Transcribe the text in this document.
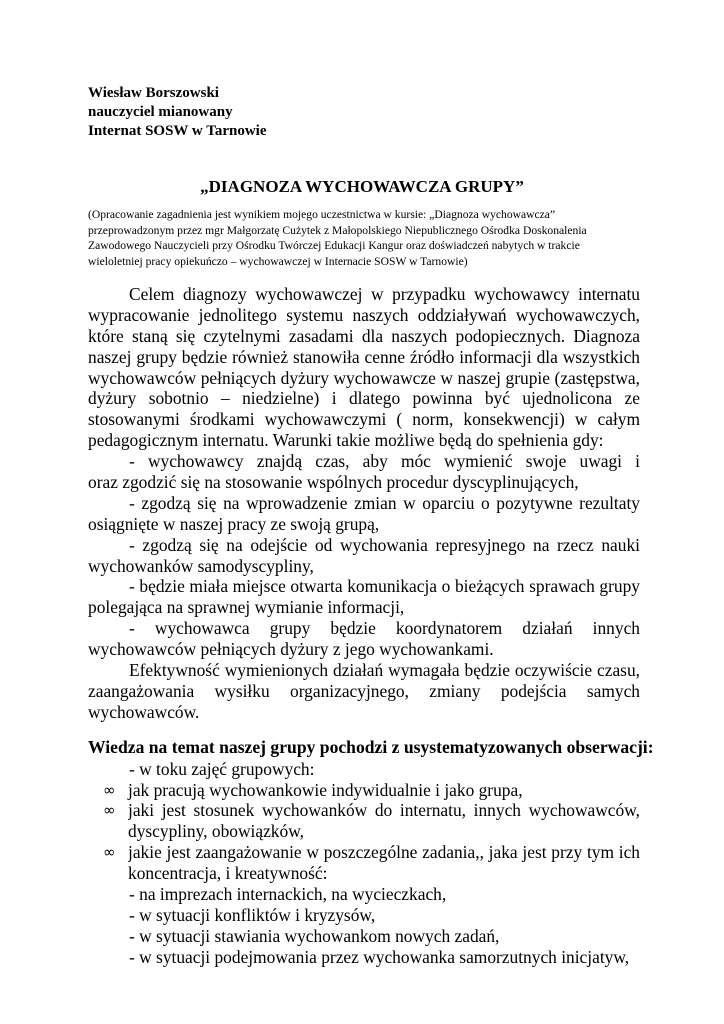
Wiesław Borszowski
nauczyciel mianowany
Internat SOSW w Tarnowie
„DIAGNOZA WYCHOWAWCZA GRUPY”
(Opracowanie zagadnienia jest wynikiem mojego uczestnictwa w kursie: „Diagnoza wychowawcza”
przeprowadzonym przez mgr Małgorzatę Cużytek z Małopolskiego Niepublicznego Ośrodka Doskonalenia
Zawodowego Nauczycieli przy Ośrodku Twórczej Edukacji Kangur oraz doświadczeń nabytych w trakcie
wieloletniej pracy opiekuńczo – wychowawczej w Internacie SOSW w Tarnowie)
Celem diagnozy wychowawczej w przypadku wychowawcy internatu
wypracowanie jednolitego systemu naszych oddziaływań wychowawczych,
które staną się czytelnymi zasadami dla naszych podopiecznych. Diagnoza
naszej grupy będzie również stanowiła cenne źródło informacji dla wszystkich
wychowawców pełniących dyżury wychowawcze w naszej grupie (zastępstwa,
dyżury sobotnio – niedzielne) i dlatego powinna być ujednolicona ze
stosowanymi środkami wychowawczymi ( norm, konsekwencji) w całym
pedagogicznym internatu. Warunki takie możliwe będą do spełnienia gdy:
- wychowawcy znajdą czas, aby móc wymienić swoje uwagi i
oraz zgodzić się na stosowanie wspólnych procedur dyscyplinujących,
- zgodzą się na wprowadzenie zmian w oparciu o pozytywne rezultaty
osiągnięte w naszej pracy ze swoją grupą,
- zgodzą się na odejście od wychowania represyjnego na rzecz nauki
wychowanków samodyscypliny,
- będzie miała miejsce otwarta komunikacja o bieżących sprawach grupy
polegająca na sprawnej wymianie informacji,
- wychowawca grupy będzie koordynatorem działań innych
wychowawców pełniących dyżury z jego wychowankami.
Efektywność wymienionych działań wymagała będzie oczywiście czasu,
zaangażowania wysiłku organizacyjnego, zmiany podejścia samych
wychowawców.
Wiedza na temat naszej grupy pochodzi z usystematyzowanych obserwacji:
- w toku zajęć grupowych:
∞ jak pracują wychowankowie indywidualnie i jako grupa,
∞ jaki jest stosunek wychowanków do internatu, innych wychowawców,
dyscypliny, obowiązków,
∞ jakie jest zaangażowanie w poszczególne zadania,, jaka jest przy tym ich
koncentracja, i kreatywność:
- na imprezach internackich, na wycieczkach,
- w sytuacji konfliktów i kryzysów,
- w sytuacji stawiania wychowankom nowych zadań,
- w sytuacji podejmowania przez wychowanka samorzutnych inicjatyw,
